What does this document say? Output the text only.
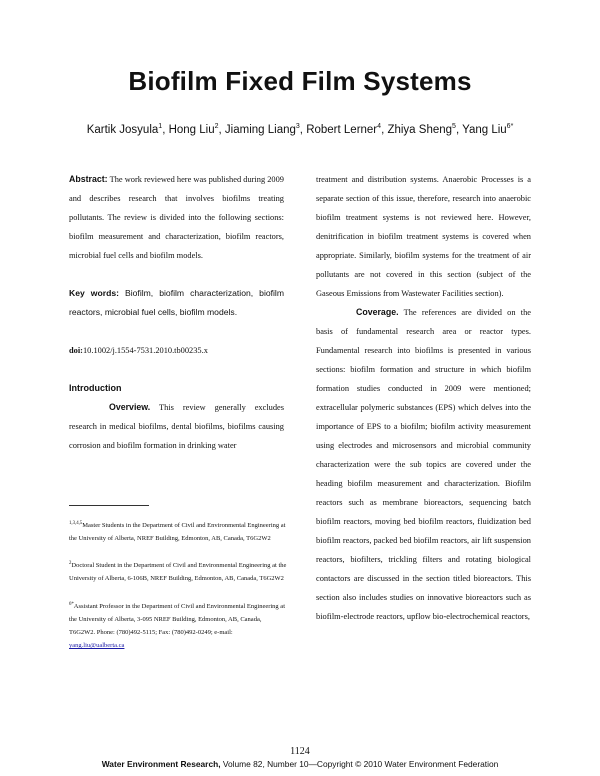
Biofilm Fixed Film Systems
Kartik Josyula$^1$, Hong Liu$^2$, Jiaming Liang$^3$, Robert Lerner$^4$, Zhiya Sheng$^5$, Yang Liu$^{6*}$

Abstract: The work reviewed here was published during 2009 and describes research that involves biofilms treating pollutants. The review is divided into the following sections: biofilm measurement and characterization, biofilm reactors, microbial fuel cells and biofilm models.

Key words: Biofilm, biofilm characterization, biofilm reactors, microbial fuel cells, biofilm models.

doi:10.1002/j.1554-7531.2010.tb00235.x

Introduction

Overview. This review generally excludes research in medical biofilms, dental biofilms, biofilms causing corrosion and biofilm formation in drinking water

treatment and distribution systems. Anaerobic Processes is a separate section of this issue, therefore, research into anaerobic biofilm treatment systems is not reviewed here. However, denitrification in biofilm treatment systems is covered when appropriate. Similarly, biofilm systems for the treatment of air pollutants are not covered in this section (subject of the Gaseous Emissions from Wastewater Facilities section).

Coverage. The references are divided on the basis of fundamental research area or reactor types. Fundamental research into biofilms is presented in various sections: biofilm formation and structure in which biofilm formation studies conducted in 2009 were mentioned; extracellular polymeric substances (EPS) which delves into the importance of EPS to a biofilm; biofilm activity measurement using electrodes and microsensors and microbial community characterization were the sub topics are covered under the heading biofilm measurement and characterization. Biofilm reactors such as membrane bioreactors, sequencing batch biofilm reactors, moving bed biofilm reactors, fluidization bed biofilm reactors, packed bed biofilm reactors, air lift suspension reactors, biofilters, trickling filters and rotating biological contactors are discussed in the section titled bioreactors. This section also includes studies on innovative bioreactors such as biofilm-electrode reactors, upflow bio-electrochemical reactors,

$^{1,3,4,5}$Master Students in the Department of Civil and Environmental Engineering at the University of Alberta, NREF Building, Edmonton, AB, Canada, T6G2W2
$^2$Doctoral Student in the Department of Civil and Environmental Engineering at the University of Alberta, 6-106B, NREF Building, Edmonton, AB, Canada, T6G2W2
$^{6*}$Assistant Professor in the Department of Civil and Environmental Engineering at the University of Alberta, 3-095 NREF Building, Edmonton, AB, Canada, T6G2W2. Phone: (780)492-5115; Fax: (780)492-0249; e-mail: yang.liu@ualberta.ca
1124
Water Environment Research, Volume 82, Number 10—Copyright © 2010 Water Environment Federation
